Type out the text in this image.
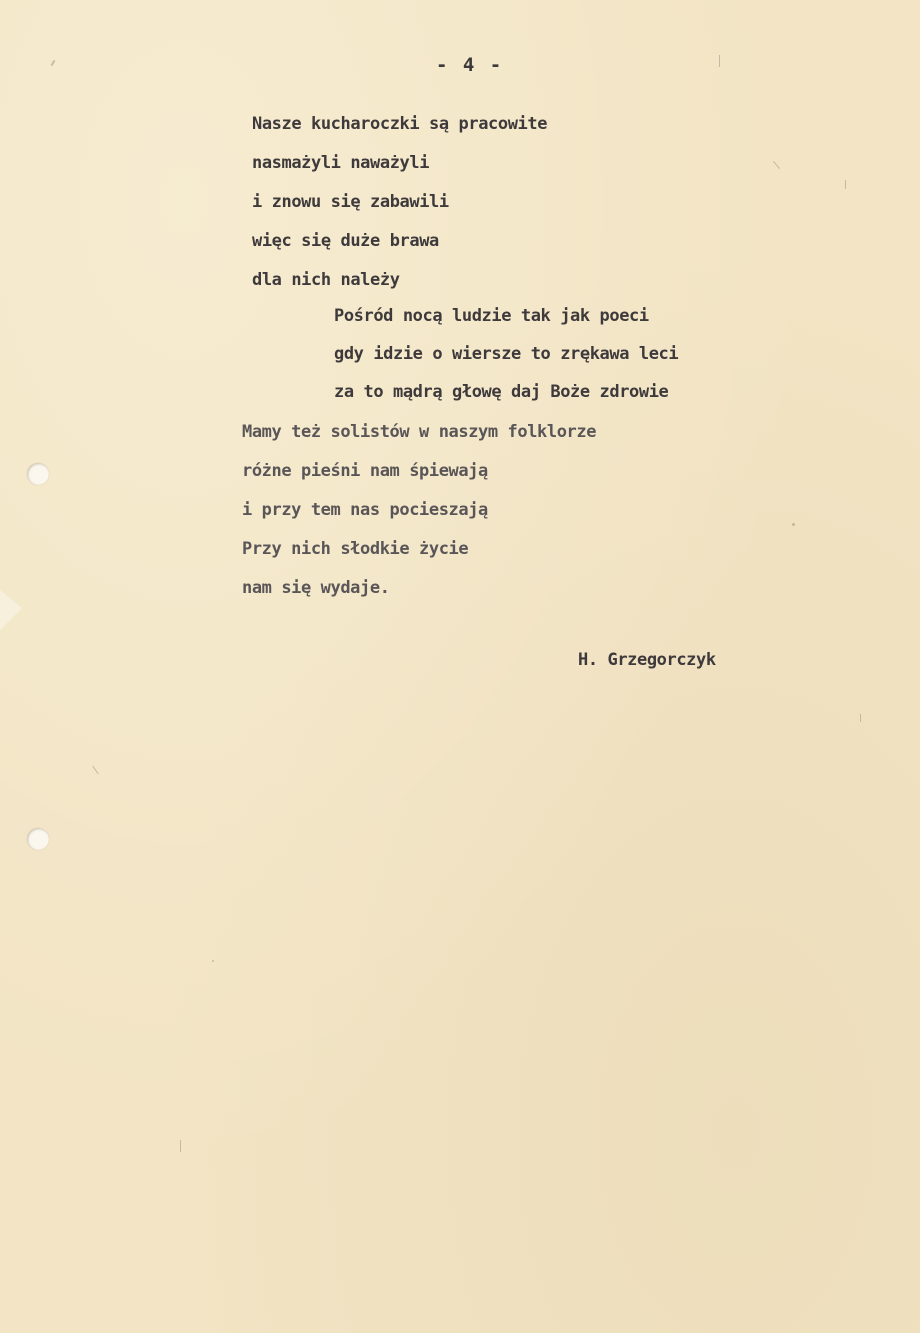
- 4 -
Nasze kucharoczki są pracowite
nasmażyli naważyli
i znowu się zabawili
więc się duże brawa
dla nich należy
Pośród nocą ludzie tak jak poeci
gdy idzie o wiersze to zrękawa leci
za to mądrą głowę daj Boże zdrowie
Mamy też solistów w naszym folklorze
różne pieśni nam śpiewają
i przy tem nas pocieszają
Przy nich słodkie życie
nam się wydaje.
H. Grzegorczyk
